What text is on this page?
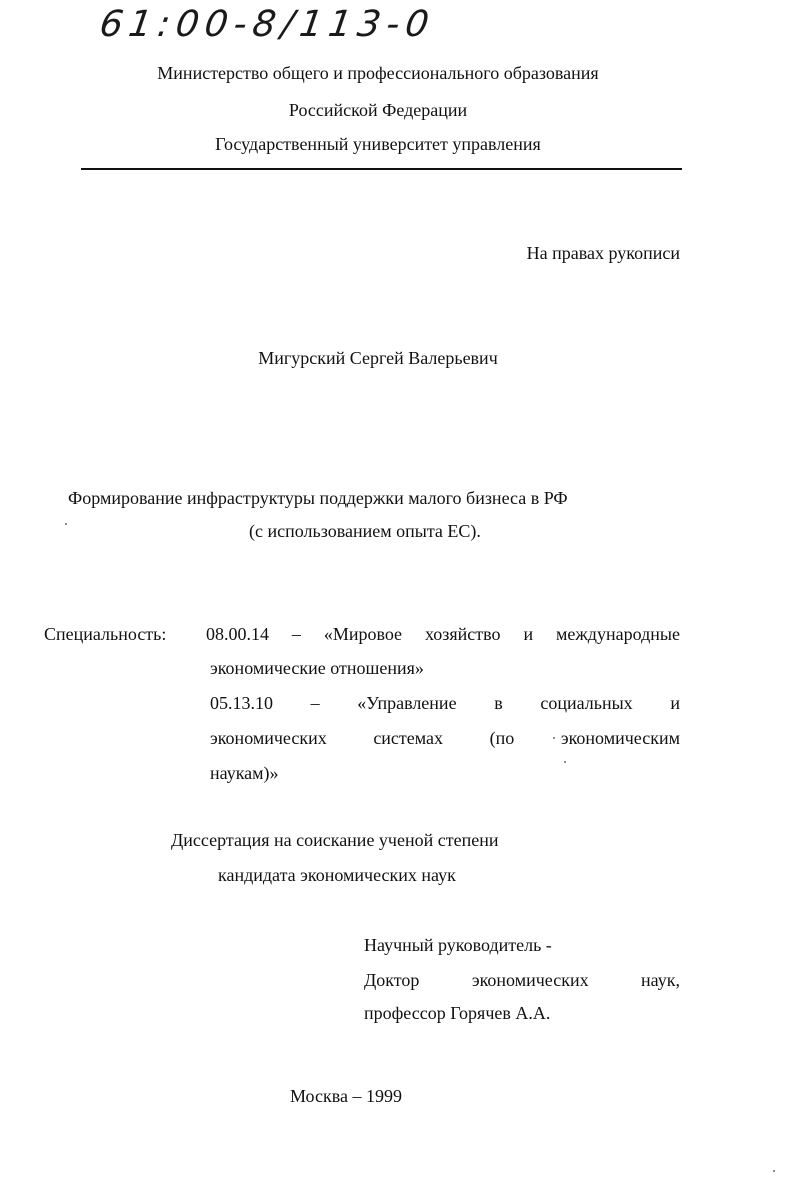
61:00-8/113-0
Министерство общего и профессионального образования
Российской Федерации
Государственный университет управления
На правах рукописи
Мигурский Сергей Валерьевич
Формирование инфраструктуры поддержки малого бизнеса в РФ
(с использованием опыта ЕС).
Специальность: 08.00.14 – «Мировое хозяйство и международные
экономические отношения»
05.13.10 – «Управление в социальных и
экономических	системах	(по	экономическим
наукам)»
Диссертация на соискание ученой степени
кандидата экономических наук
Научный руководитель -
Доктор	экономических	наук,
профессор Горячев А.А.
Москва – 1999
